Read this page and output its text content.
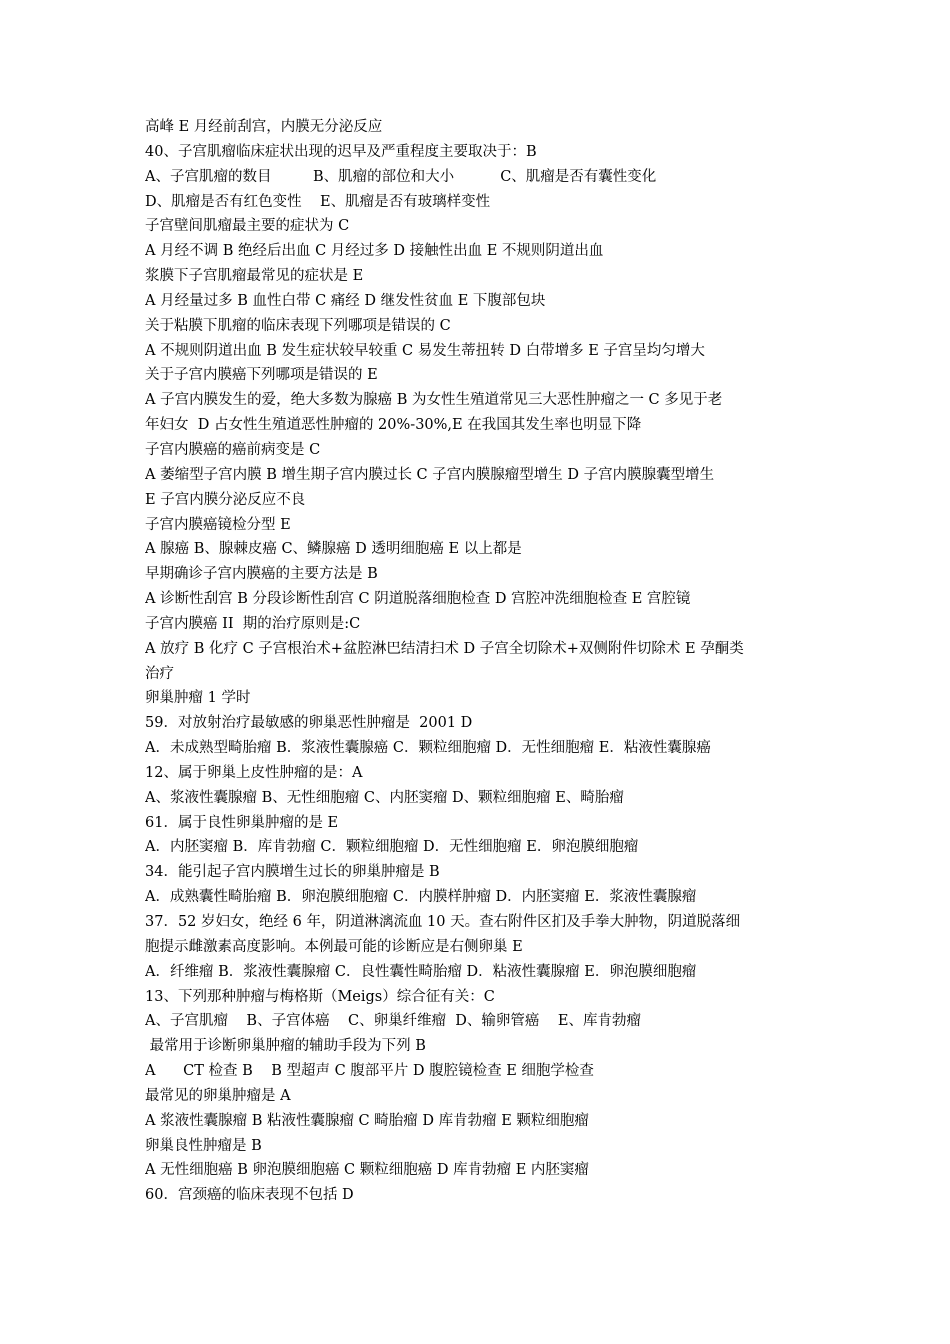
高峰 E 月经前刮宫，内膜无分泌反应
40、子宫肌瘤临床症状出现的迟早及严重程度主要取决于：B
A、子宫肌瘤的数目         B、肌瘤的部位和大小          C、肌瘤是否有囊性变化
D、肌瘤是否有红色变性    E、肌瘤是否有玻璃样变性
子宫壁间肌瘤最主要的症状为 C
A 月经不调 B 绝经后出血 C 月经过多 D 接触性出血 E 不规则阴道出血
浆膜下子宫肌瘤最常见的症状是 E
A 月经量过多 B 血性白带 C 痛经 D 继发性贫血 E 下腹部包块
关于粘膜下肌瘤的临床表现下列哪项是错误的 C
A 不规则阴道出血 B 发生症状较早较重 C 易发生蒂扭转 D 白带增多 E 子宫呈均匀增大
关于子宫内膜癌下列哪项是错误的 E
A 子宫内膜发生的爱，绝大多数为腺癌 B 为女性生殖道常见三大恶性肿瘤之一 C 多见于老
年妇女  D 占女性生殖道恶性肿瘤的 20%-30%,E 在我国其发生率也明显下降
子宫内膜癌的癌前病变是 C
A 萎缩型子宫内膜 B 增生期子宫内膜过长 C 子宫内膜腺瘤型增生 D 子宫内膜腺囊型增生
E 子宫内膜分泌反应不良
子宫内膜癌镜检分型 E
A 腺癌 B、腺棘皮癌 C、鳞腺癌 D 透明细胞癌 E 以上都是
早期确诊子宫内膜癌的主要方法是 B
A 诊断性刮宫 B 分段诊断性刮宫 C 阴道脱落细胞检查 D 宫腔冲洗细胞检查 E 宫腔镜
子宫内膜癌 II  期的治疗原则是:C
A 放疗 B 化疗 C 子宫根治术+盆腔淋巴结清扫术 D 子宫全切除术+双侧附件切除术 E 孕酮类
治疗
卵巢肿瘤 1 学时
59．对放射治疗最敏感的卵巢恶性肿瘤是  2001 D
A．未成熟型畸胎瘤 B．浆液性囊腺癌 C．颗粒细胞瘤 D．无性细胞瘤 E．粘液性囊腺癌
12、属于卵巢上皮性肿瘤的是：A
A、浆液性囊腺瘤 B、无性细胞瘤 C、内胚窦瘤 D、颗粒细胞瘤 E、畸胎瘤
61．属于良性卵巢肿瘤的是 E
A．内胚窦瘤 B．库肯勃瘤 C．颗粒细胞瘤 D．无性细胞瘤 E．卵泡膜细胞瘤
34．能引起子宫内膜增生过长的卵巢肿瘤是 B
A．成熟囊性畸胎瘤 B．卵泡膜细胞瘤 C．内膜样肿瘤 D．内胚窦瘤 E．浆液性囊腺瘤
37．52 岁妇女，绝经 6 年，阴道淋漓流血 10 天。查右附件区扪及手拳大肿物，阴道脱落细
胞提示雌激素高度影响。本例最可能的诊断应是右侧卵巢 E
A．纤维瘤 B．浆液性囊腺瘤 C．良性囊性畸胎瘤 D．粘液性囊腺瘤 E．卵泡膜细胞瘤
13、下列那种肿瘤与梅格斯（Meigs）综合征有关：C
A、子宫肌瘤    B、子宫体癌    C、卵巢纤维瘤  D、输卵管癌    E、库肯勃瘤
最常用于诊断卵巢肿瘤的辅助手段为下列 B
A      CT 检查 B    B 型超声 C 腹部平片 D 腹腔镜检查 E 细胞学检查
最常见的卵巢肿瘤是 A
A 浆液性囊腺瘤 B 粘液性囊腺瘤 C 畸胎瘤 D 库肯勃瘤 E 颗粒细胞瘤
卵巢良性肿瘤是 B
A 无性细胞癌 B 卵泡膜细胞癌 C 颗粒细胞癌 D 库肯勃瘤 E 内胚窦瘤
60．宫颈癌的临床表现不包括 D
